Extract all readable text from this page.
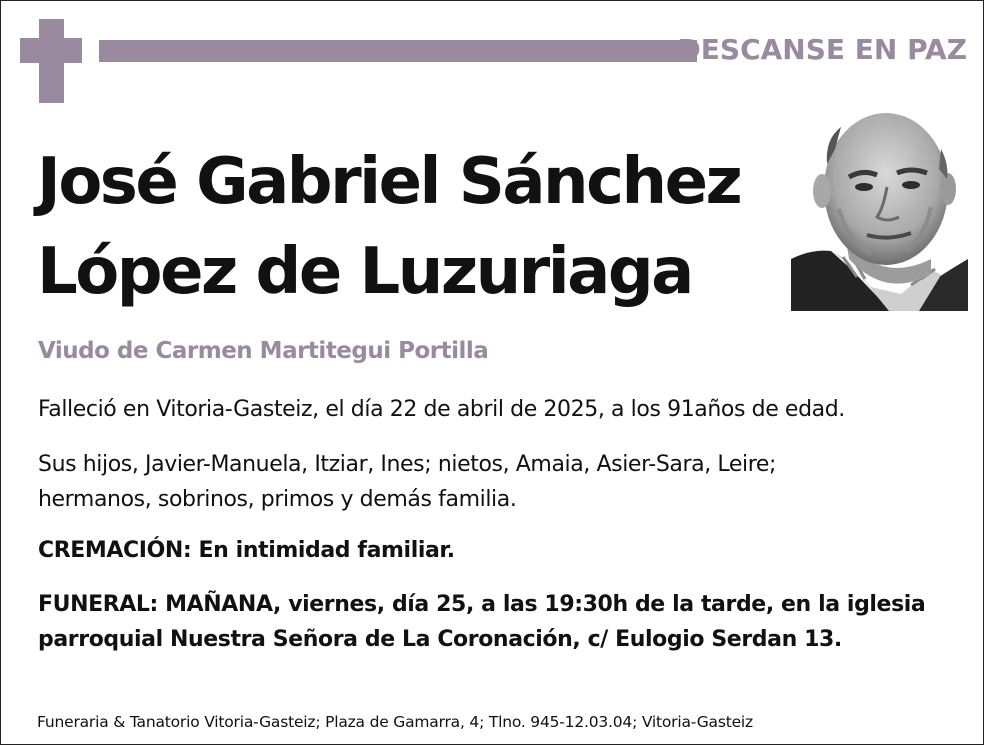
DESCANSE EN PAZ
José Gabriel Sánchez
López de Luzuriaga
Viudo de Carmen Martitegui Portilla

Falleció en Vitoria-Gasteiz, el día 22 de abril de 2025, a los 91años de edad.

Sus hijos, Javier-Manuela, Itziar, Ines; nietos, Amaia, Asier-Sara, Leire;
hermanos, sobrinos, primos y demás familia.

CREMACIÓN: En intimidad familiar.

FUNERAL: MAÑANA, viernes, día 25, a las 19:30h de la tarde, en la iglesia
parroquial Nuestra Señora de La Coronación, c/ Eulogio Serdan 13.

Funeraria & Tanatorio Vitoria-Gasteiz; Plaza de Gamarra, 4; Tlno. 945-12.03.04; Vitoria-Gasteiz
